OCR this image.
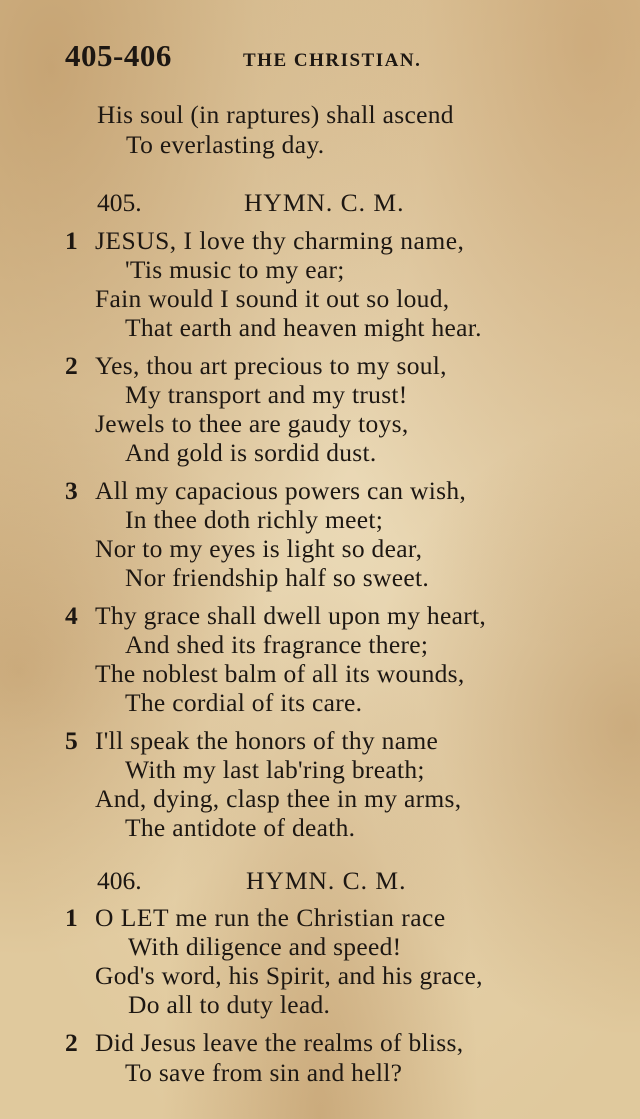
405-406	THE CHRISTIAN.
His soul (in raptures) shall ascend
To everlasting day.
405.	HYMN. C. M.
1 JESUS, I love thy charming name,
'Tis music to my ear;
Fain would I sound it out so loud,
That earth and heaven might hear.
2 Yes, thou art precious to my soul,
My transport and my trust!
Jewels to thee are gaudy toys,
And gold is sordid dust.
3 All my capacious powers can wish,
In thee doth richly meet;
Nor to my eyes is light so dear,
Nor friendship half so sweet.
4 Thy grace shall dwell upon my heart,
And shed its fragrance there;
The noblest balm of all its wounds,
The cordial of its care.
5 I'll speak the honors of thy name
With my last lab'ring breath;
And, dying, clasp thee in my arms,
The antidote of death.
406.	HYMN. C. M.
1 O LET me run the Christian race
With diligence and speed!
God's word, his Spirit, and his grace,
Do all to duty lead.
2 Did Jesus leave the realms of bliss,
To save from sin and hell?
